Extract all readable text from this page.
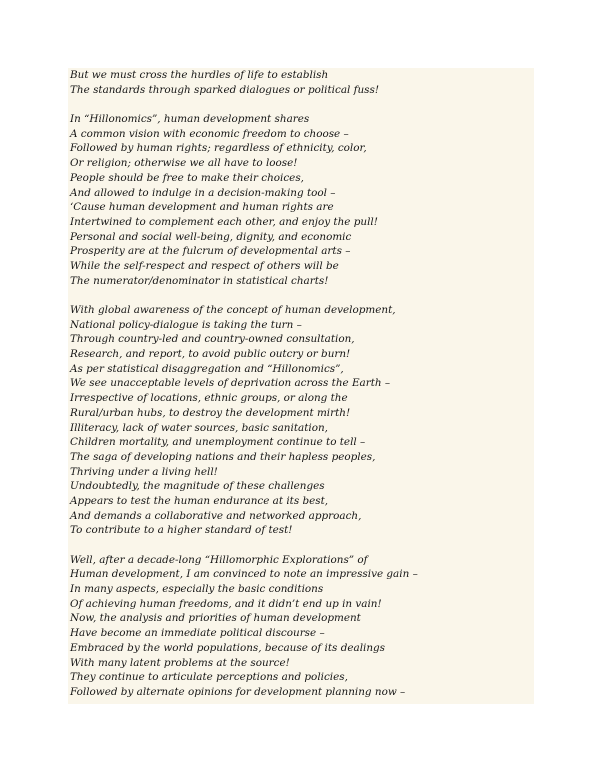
But we must cross the hurdles of life to establish
The standards through sparked dialogues or political fuss!
In “Hillonomics”, human development shares
A common vision with economic freedom to choose –
Followed by human rights; regardless of ethnicity, color,
Or religion; otherwise we all have to loose!
People should be free to make their choices,
And allowed to indulge in a decision-making tool –
‘Cause human development and human rights are
Intertwined to complement each other, and enjoy the pull!
Personal and social well-being, dignity, and economic
Prosperity are at the fulcrum of developmental arts –
While the self-respect and respect of others will be
The numerator/denominator in statistical charts!
With global awareness of the concept of human development,
National policy-dialogue is taking the turn –
Through country-led and country-owned consultation,
Research, and report, to avoid public outcry or burn!
As per statistical disaggregation and “Hillonomics”,
We see unacceptable levels of deprivation across the Earth –
Irrespective of locations, ethnic groups, or along the
Rural/urban hubs, to destroy the development mirth!
Illiteracy, lack of water sources, basic sanitation,
Children mortality, and unemployment continue to tell –
The saga of developing nations and their hapless peoples,
Thriving under a living hell!
Undoubtedly, the magnitude of these challenges
Appears to test the human endurance at its best,
And demands a collaborative and networked approach,
To contribute to a higher standard of test!
Well, after a decade-long “Hillomorphic Explorations” of
Human development, I am convinced to note an impressive gain –
In many aspects, especially the basic conditions
Of achieving human freedoms, and it didn’t end up in vain!
Now, the analysis and priorities of human development
Have become an immediate political discourse –
Embraced by the world populations, because of its dealings
With many latent problems at the source!
They continue to articulate perceptions and policies,
Followed by alternate opinions for development planning now –
